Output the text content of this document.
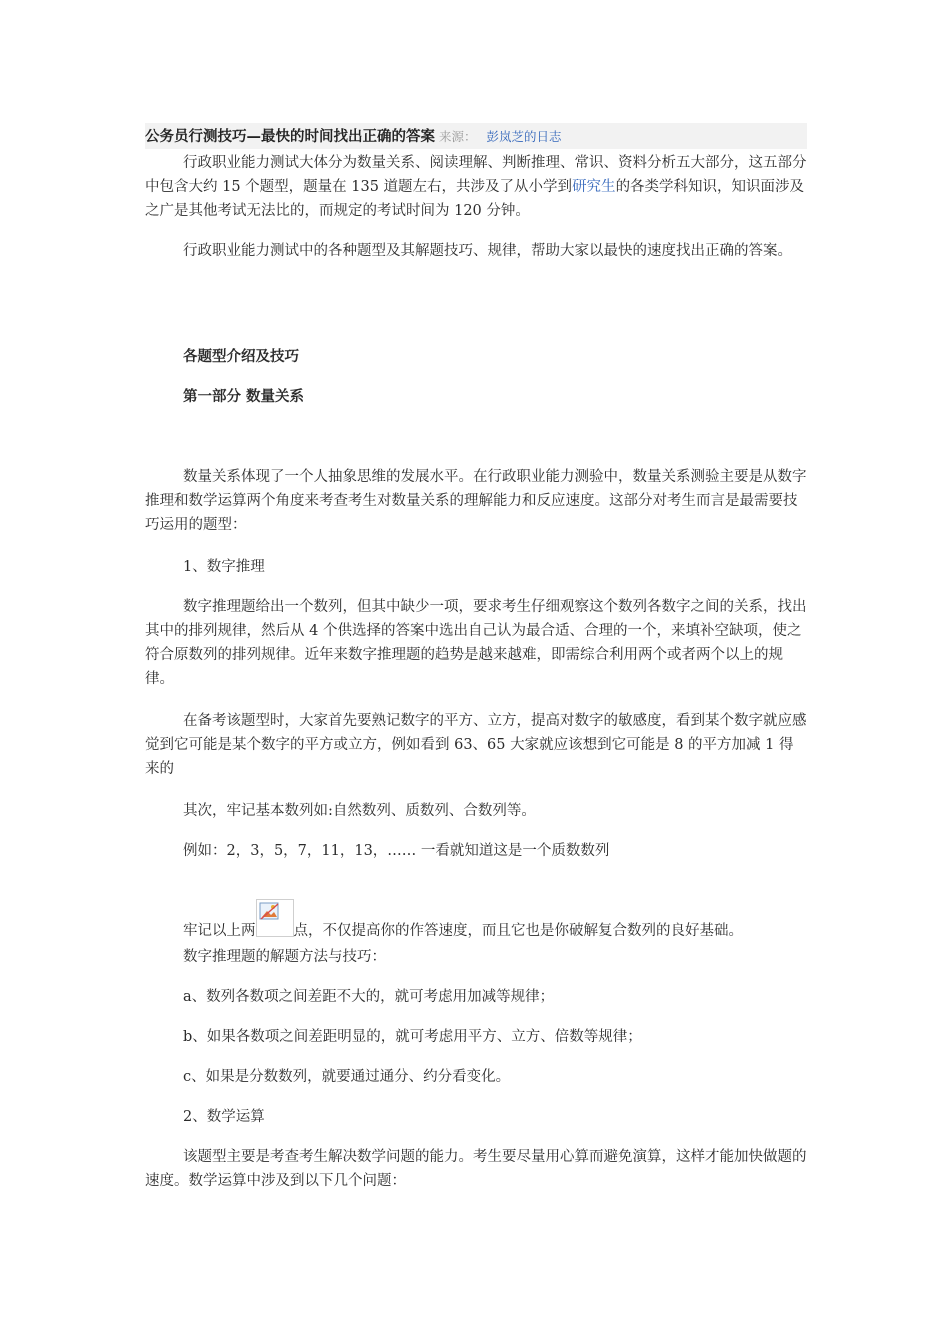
公务员行测技巧—最快的时间找出正确的答案 来源： 彭岚芝的日志

行政职业能力测试大体分为数量关系、阅读理解、判断推理、常识、资料分析五大部分，这五部分中包含大约 15 个题型，题量在 135 道题左右，共涉及了从小学到研究生的各类学科知识，知识面涉及之广是其他考试无法比的，而规定的考试时间为 120 分钟。

行政职业能力测试中的各种题型及其解题技巧、规律，帮助大家以最快的速度找出正确的答案。

各题型介绍及技巧

第一部分 数量关系

数量关系体现了一个人抽象思维的发展水平。在行政职业能力测验中，数量关系测验主要是从数字推理和数学运算两个角度来考查考生对数量关系的理解能力和反应速度。这部分对考生而言是最需要技巧运用的题型：

1、数字推理

数字推理题给出一个数列，但其中缺少一项，要求考生仔细观察这个数列各数字之间的关系，找出其中的排列规律，然后从 4 个供选择的答案中选出自己认为最合适、合理的一个，来填补空缺项，使之符合原数列的排列规律。近年来数字推理题的趋势是越来越难，即需综合利用两个或者两个以上的规律。

在备考该题型时，大家首先要熟记数字的平方、立方，提高对数字的敏感度，看到某个数字就应感觉到它可能是某个数字的平方或立方，例如看到 63、65 大家就应该想到它可能是 8 的平方加减 1 得来的

其次，牢记基本数列如:自然数列、质数列、合数列等。

例如：2，3，5，7，11，13，…… 一看就知道这是一个质数数列

牢记以上两	点，不仅提高你的作答速度，而且它也是你破解复合数列的良好基础。

数字推理题的解题方法与技巧：

a、数列各数项之间差距不大的，就可考虑用加减等规律；

b、如果各数项之间差距明显的，就可考虑用平方、立方、倍数等规律；

c、如果是分数数列，就要通过通分、约分看变化。

2、数学运算

该题型主要是考查考生解决数学问题的能力。考生要尽量用心算而避免演算，这样才能加快做题的速度。数学运算中涉及到以下几个问题：
